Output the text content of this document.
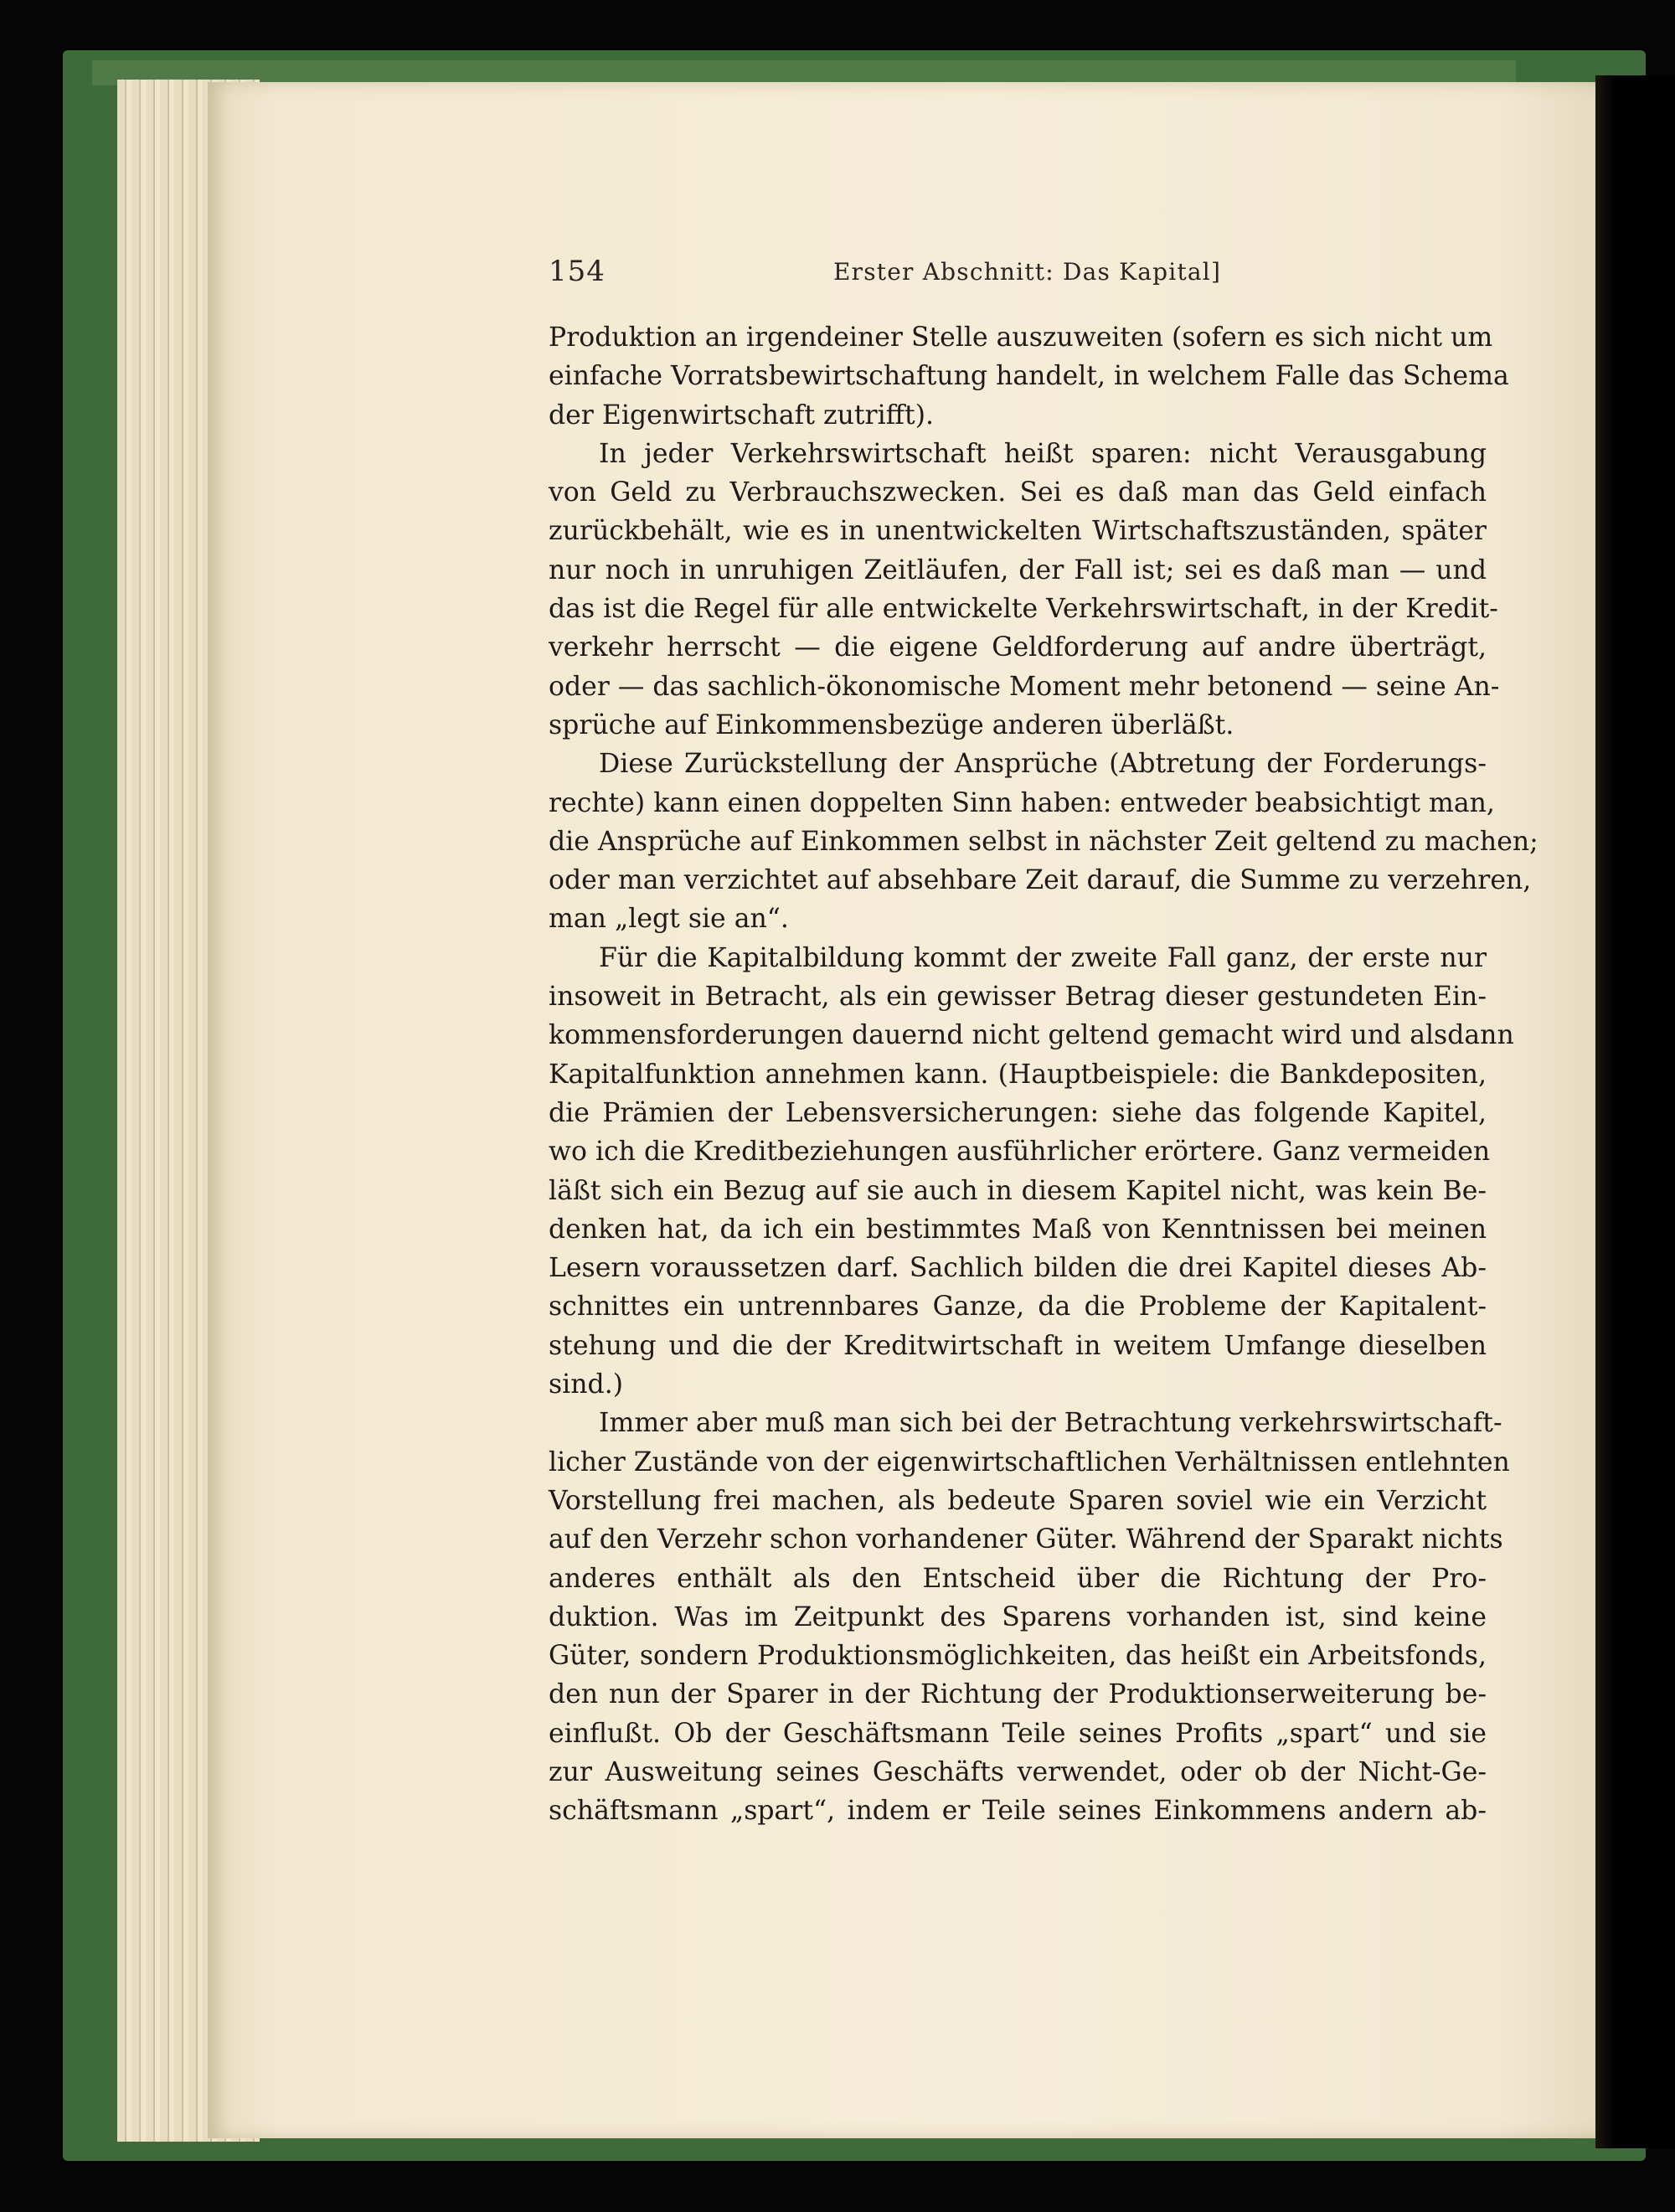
154	Erster Abschnitt: Das Kapital]
Produktion an irgendeiner Stelle auszuweiten (sofern es sich nicht um
einfache Vorratsbewirtschaftung handelt, in welchem Falle das Schema
der Eigenwirtschaft zutrifft).
In jeder Verkehrswirtschaft heißt sparen: nicht Verausgabung
von Geld zu Verbrauchszwecken. Sei es daß man das Geld einfach
zurückbehält, wie es in unentwickelten Wirtschaftszuständen, später
nur noch in unruhigen Zeitläufen, der Fall ist; sei es daß man — und
das ist die Regel für alle entwickelte Verkehrswirtschaft, in der Kredit-
verkehr herrscht — die eigene Geldforderung auf andre überträgt,
oder — das sachlich-ökonomische Moment mehr betonend — seine An-
sprüche auf Einkommensbezüge anderen überläßt.
Diese Zurückstellung der Ansprüche (Abtretung der Forderungs-
rechte) kann einen doppelten Sinn haben: entweder beabsichtigt man,
die Ansprüche auf Einkommen selbst in nächster Zeit geltend zu machen;
oder man verzichtet auf absehbare Zeit darauf, die Summe zu verzehren,
man „legt sie an“.
Für die Kapitalbildung kommt der zweite Fall ganz, der erste nur
insoweit in Betracht, als ein gewisser Betrag dieser gestundeten Ein-
kommensforderungen dauernd nicht geltend gemacht wird und alsdann
Kapitalfunktion annehmen kann. (Hauptbeispiele: die Bankdepositen,
die Prämien der Lebensversicherungen: siehe das folgende Kapitel,
wo ich die Kreditbeziehungen ausführlicher erörtere. Ganz vermeiden
läßt sich ein Bezug auf sie auch in diesem Kapitel nicht, was kein Be-
denken hat, da ich ein bestimmtes Maß von Kenntnissen bei meinen
Lesern voraussetzen darf. Sachlich bilden die drei Kapitel dieses Ab-
schnittes ein untrennbares Ganze, da die Probleme der Kapitalent-
stehung und die der Kreditwirtschaft in weitem Umfange dieselben
sind.)
Immer aber muß man sich bei der Betrachtung verkehrswirtschaft-
licher Zustände von der eigenwirtschaftlichen Verhältnissen entlehnten
Vorstellung frei machen, als bedeute Sparen soviel wie ein Verzicht
auf den Verzehr schon vorhandener Güter. Während der Sparakt nichts
anderes enthält als den Entscheid über die Richtung der Pro-
duktion. Was im Zeitpunkt des Sparens vorhanden ist, sind keine
Güter, sondern Produktionsmöglichkeiten, das heißt ein Arbeitsfonds,
den nun der Sparer in der Richtung der Produktionserweiterung be-
einflußt. Ob der Geschäftsmann Teile seines Profits „spart“ und sie
zur Ausweitung seines Geschäfts verwendet, oder ob der Nicht-Ge-
schäftsmann „spart“, indem er Teile seines Einkommens andern ab-
